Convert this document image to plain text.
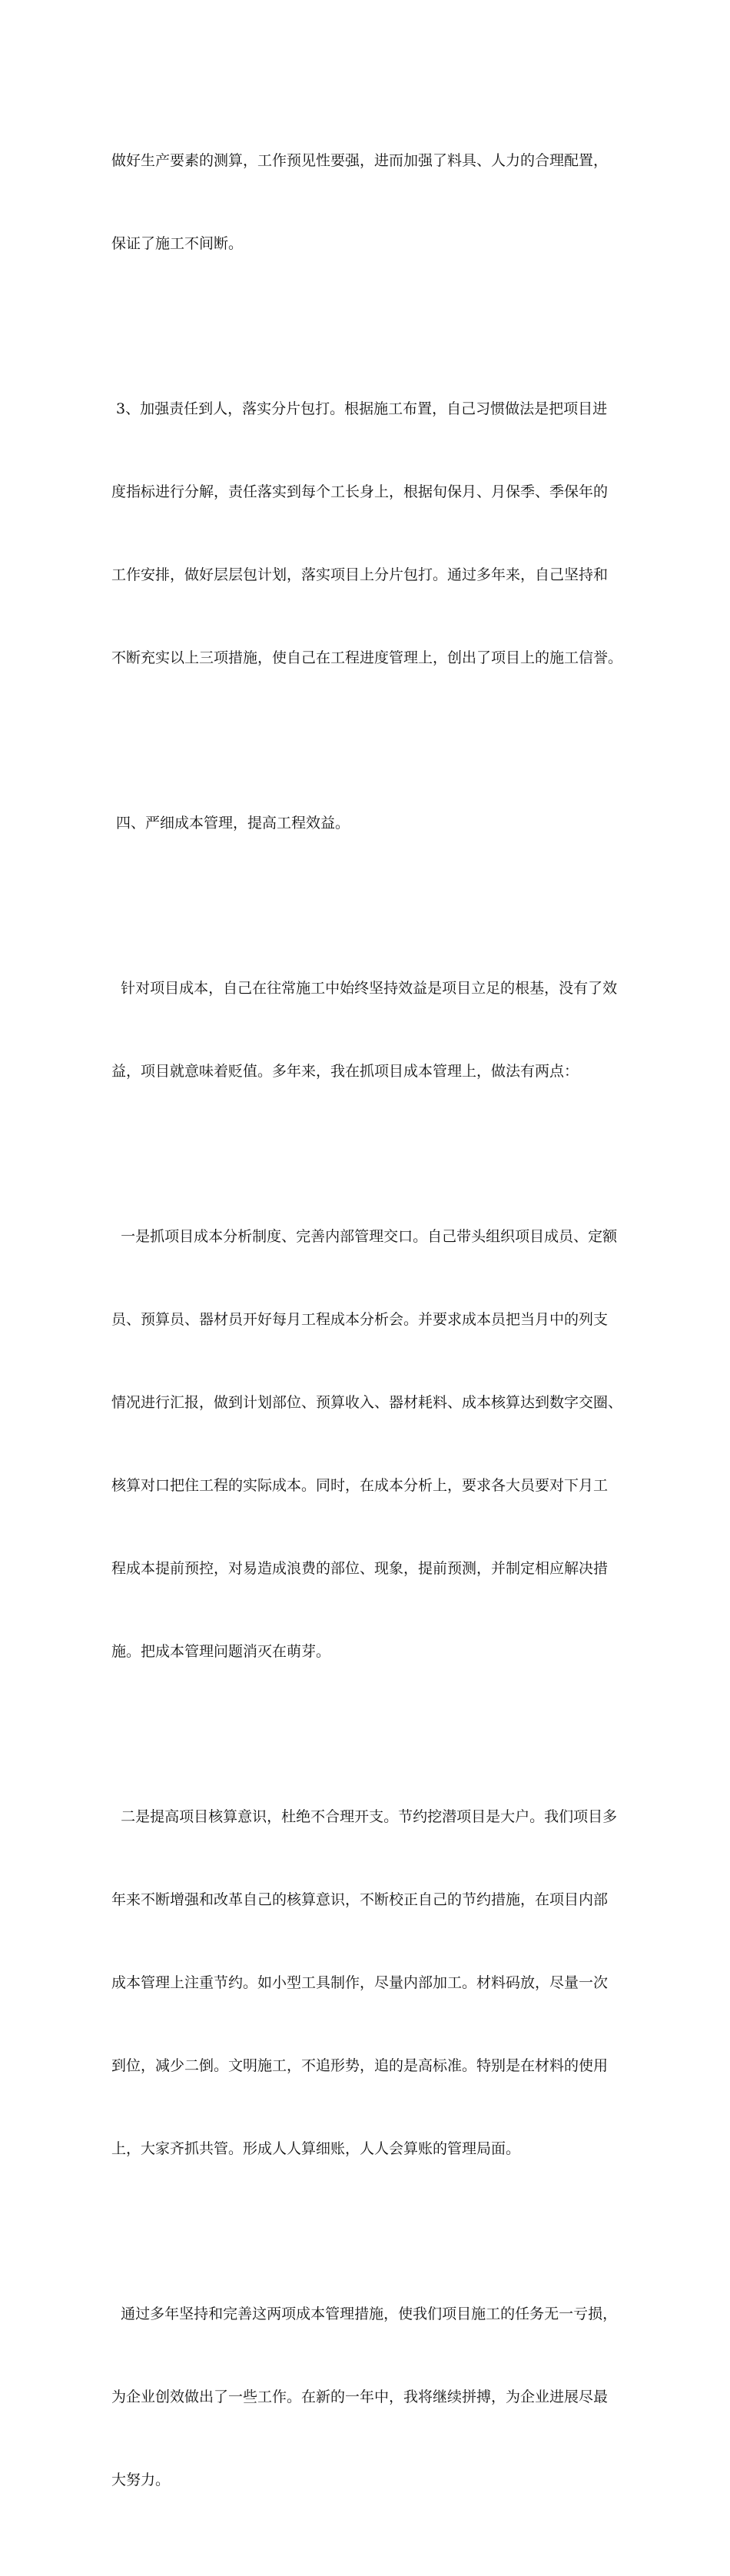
做好生产要素的测算，工作预见性要强，进而加强了料具、人力的合理配置，

保证了施工不间断。

3、加强责任到人，落实分片包打。根据施工布置，自己习惯做法是把项目进

度指标进行分解，责任落实到每个工长身上，根据旬保月、月保季、季保年的

工作安排，做好层层包计划，落实项目上分片包打。通过多年来，自己坚持和

不断充实以上三项措施，使自己在工程进度管理上，创出了项目上的施工信誉。

四、严细成本管理，提高工程效益。

针对项目成本，自己在往常施工中始终坚持效益是项目立足的根基，没有了效

益，项目就意味着贬值。多年来，我在抓项目成本管理上，做法有两点：

一是抓项目成本分析制度、完善内部管理交口。自己带头组织项目成员、定额

员、预算员、器材员开好每月工程成本分析会。并要求成本员把当月中的列支

情况进行汇报，做到计划部位、预算收入、器材耗料、成本核算达到数字交圈、

核算对口把住工程的实际成本。同时，在成本分析上，要求各大员要对下月工

程成本提前预控，对易造成浪费的部位、现象，提前预测，并制定相应解决措

施。把成本管理问题消灭在萌芽。

二是提高项目核算意识，杜绝不合理开支。节约挖潜项目是大户。我们项目多

年来不断增强和改革自己的核算意识，不断校正自己的节约措施，在项目内部

成本管理上注重节约。如小型工具制作，尽量内部加工。材料码放，尽量一次

到位，减少二倒。文明施工，不追形势，追的是高标准。特别是在材料的使用

上，大家齐抓共管。形成人人算细账，人人会算账的管理局面。

通过多年坚持和完善这两项成本管理措施，使我们项目施工的任务无一亏损，

为企业创效做出了一些工作。在新的一年中，我将继续拼搏，为企业进展尽最

大努力。
